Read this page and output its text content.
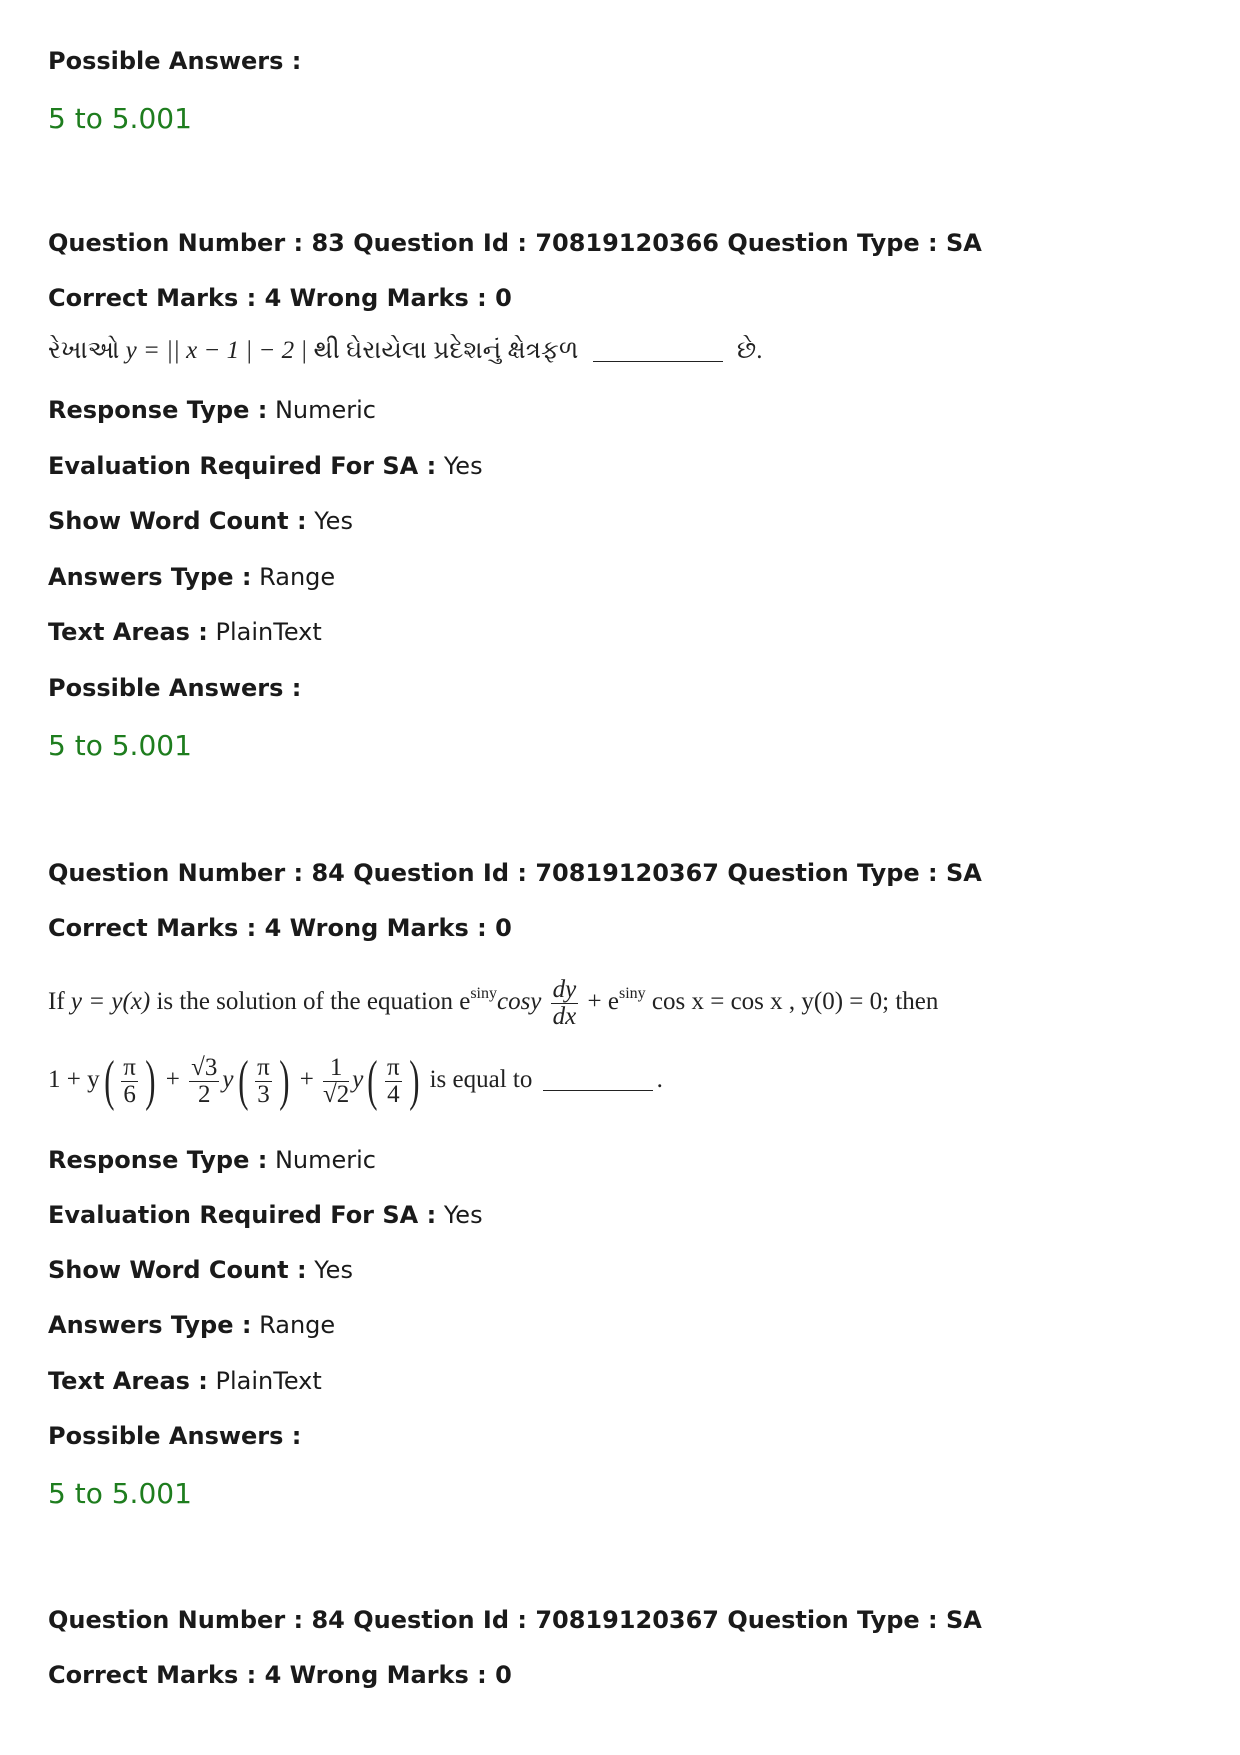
Possible Answers :
5 to 5.001
Question Number : 83 Question Id : 70819120366 Question Type : SA
Correct Marks : 4 Wrong Marks : 0
રેખાઓ y = || x − 1 | − 2 | થી ઘેરાયેલા પ્રદેશનું ક્ષેત્રફળ	છે.
Response Type : Numeric
Evaluation Required For SA : Yes
Show Word Count : Yes
Answers Type : Range
Text Areas : PlainText
Possible Answers :
5 to 5.001
Question Number : 84 Question Id : 70819120367 Question Type : SA
Correct Marks : 4 Wrong Marks : 0
If y = y(x) is the solution of the equation $e^{siny}\cos y \frac{dy}{dx} + e^{siny}$ cos x = cos x , y(0) = 0; then
$1 + y( \frac{\pi}{6}$ ) + $\frac{√3}{2} y( \frac{\pi}{3}$ ) + $\frac{1}{√2} y( \frac{\pi}{4}$ ) is equal to	.
Response Type : Numeric
Evaluation Required For SA : Yes
Show Word Count : Yes
Answers Type : Range
Text Areas : PlainText
Possible Answers :
5 to 5.001
Question Number : 84 Question Id : 70819120367 Question Type : SA
Correct Marks : 4 Wrong Marks : 0
